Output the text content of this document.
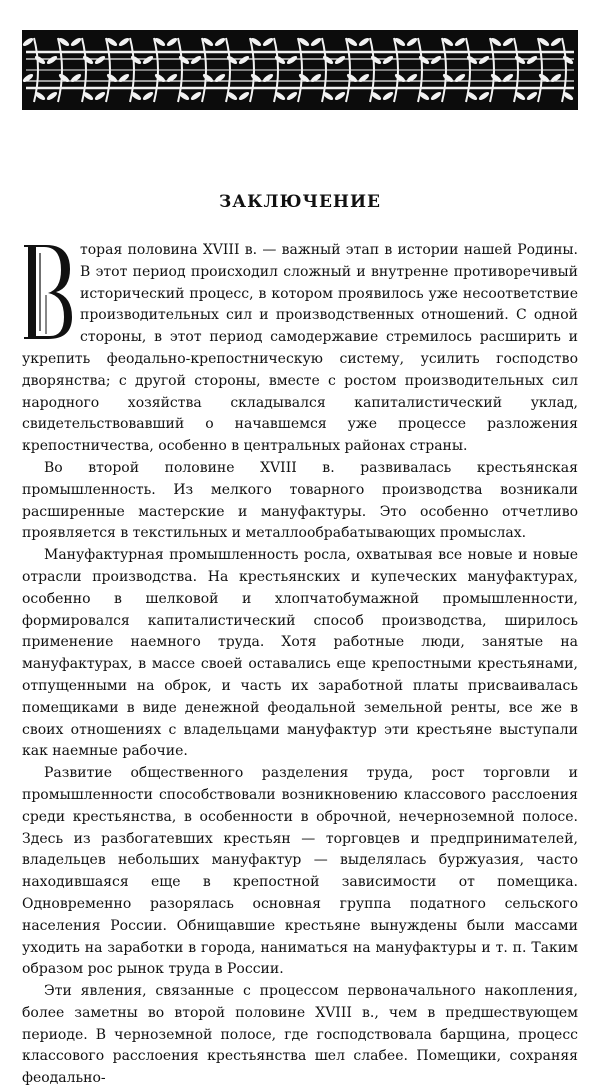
ЗАКЛЮЧЕНИЕ

торая половина XVIII в. — важный этап в истории нашей Родины. В этот период происходил сложный и внутренне противоречивый исторический процесс, в котором проявилось уже несоответствие производительных сил и производственных отношений. С одной стороны, в этот период самодержавие стремилось расширить и укрепить феодально-крепостническую систему, усилить господство дворянства; с другой стороны, вместе с ростом производительных сил народного хозяйства складывался капиталистический уклад, свидетельствовавший о начавшемся уже процессе разложения крепостничества, особенно в центральных районах страны.

Во второй половине XVIII в. развивалась крестьянская промышленность. Из мелкого товарного производства возникали расширенные мастерские и мануфактуры. Это особенно отчетливо проявляется в текстильных и металлообрабатывающих промыслах.

Мануфактурная промышленность росла, охватывая все новые и новые отрасли производства. На крестьянских и купеческих мануфактурах, особенно в шелковой и хлопчатобумажной промышленности, формировался капиталистический способ производства, ширилось применение наемного труда. Хотя работные люди, занятые на мануфактурах, в массе своей оставались еще крепостными крестьянами, отпущенными на оброк, и часть их заработной платы присваивалась помещиками в виде денежной феодальной земельной ренты, все же в своих отношениях с владельцами мануфактур эти крестьяне выступали как наемные рабочие.

Развитие общественного разделения труда, рост торговли и промышленности способствовали возникновению классового расслоения среди крестьянства, в особенности в оброчной, нечерноземной полосе. Здесь из разбогатевших крестьян — торговцев и предпринимателей, владельцев небольших мануфактур — выделялась буржуазия, часто находившаяся еще в крепостной зависимости от помещика. Одновременно разорялась основная группа податного сельского населения России. Обнищавшие крестьяне вынуждены были массами уходить на заработки в города, наниматься на мануфактуры и т. п. Таким образом рос рынок труда в России.

Эти явления, связанные с процессом первоначального накопления, более заметны во второй половине XVIII в., чем в предшествующем периоде. В черноземной полосе, где господствовала барщина, процесс классового расслоения крестьянства шел слабее. Помещики, сохраняя феодально-
